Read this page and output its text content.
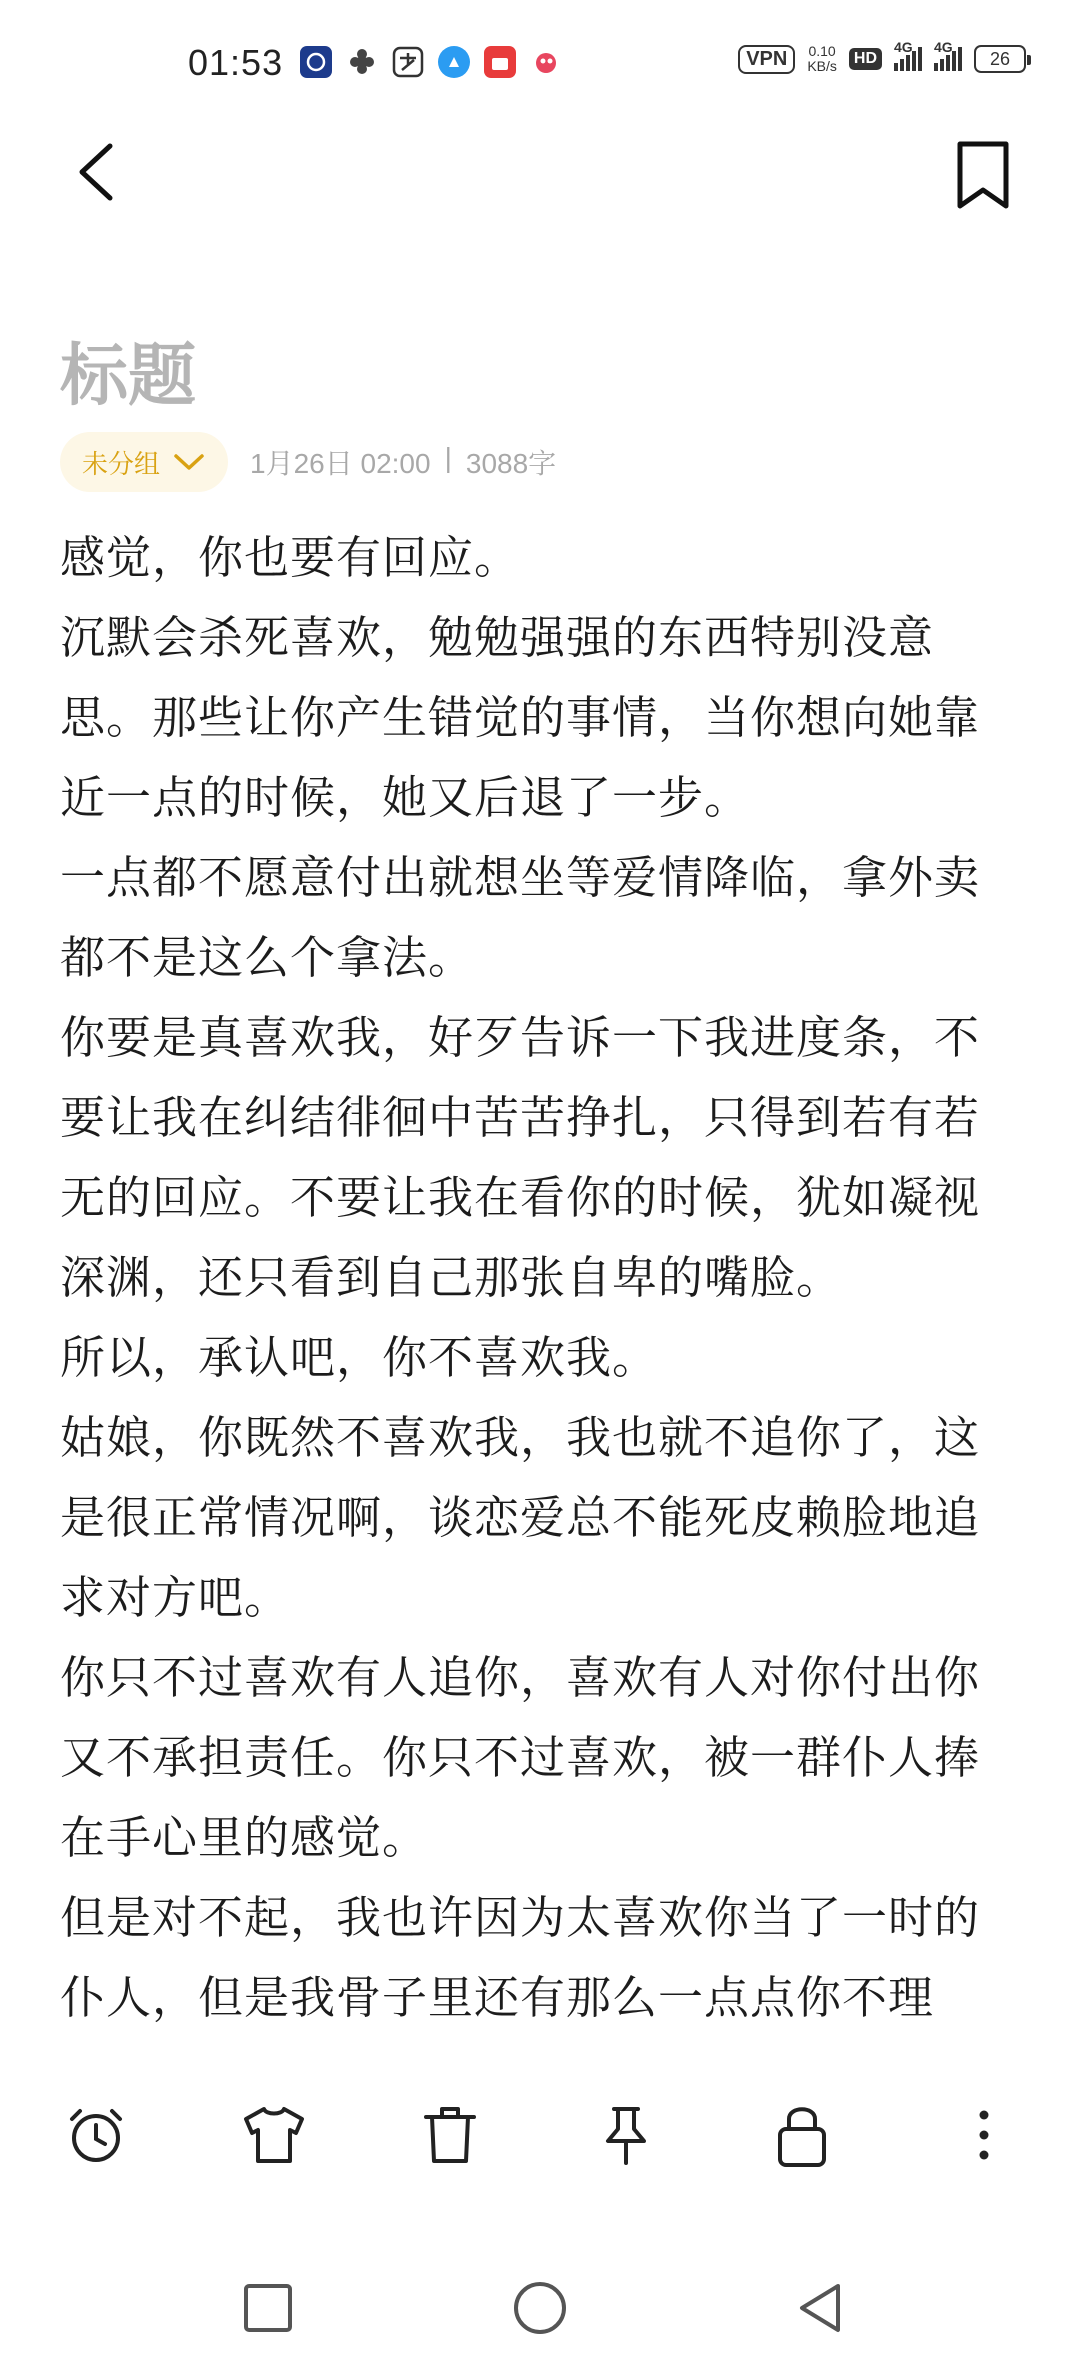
01:53	VPN	0.10
KB/s	HD
4G 4G
26
标题
未分组	1月26日 02:00 | 3088字

感觉，你也要有回应。

沉默会杀死喜欢，勉勉强强的东西特别没意思。那些让你产生错觉的事情，当你想向她靠近一点的时候，她又后退了一步。

一点都不愿意付出就想坐等爱情降临，拿外卖都不是这么个拿法。

你要是真喜欢我，好歹告诉一下我进度条，不要让我在纠结徘徊中苦苦挣扎，只得到若有若无的回应。不要让我在看你的时候，犹如凝视深渊，还只看到自己那张自卑的嘴脸。

所以，承认吧，你不喜欢我。

姑娘，你既然不喜欢我，我也就不追你了，这是很正常情况啊，谈恋爱总不能死皮赖脸地追求对方吧。

你只不过喜欢有人追你，喜欢有人对你付出你又不承担责任。你只不过喜欢，被一群仆人捧在手心里的感觉。

但是对不起，我也许因为太喜欢你当了一时的仆人，但是我骨子里还有那么一点点你不理
